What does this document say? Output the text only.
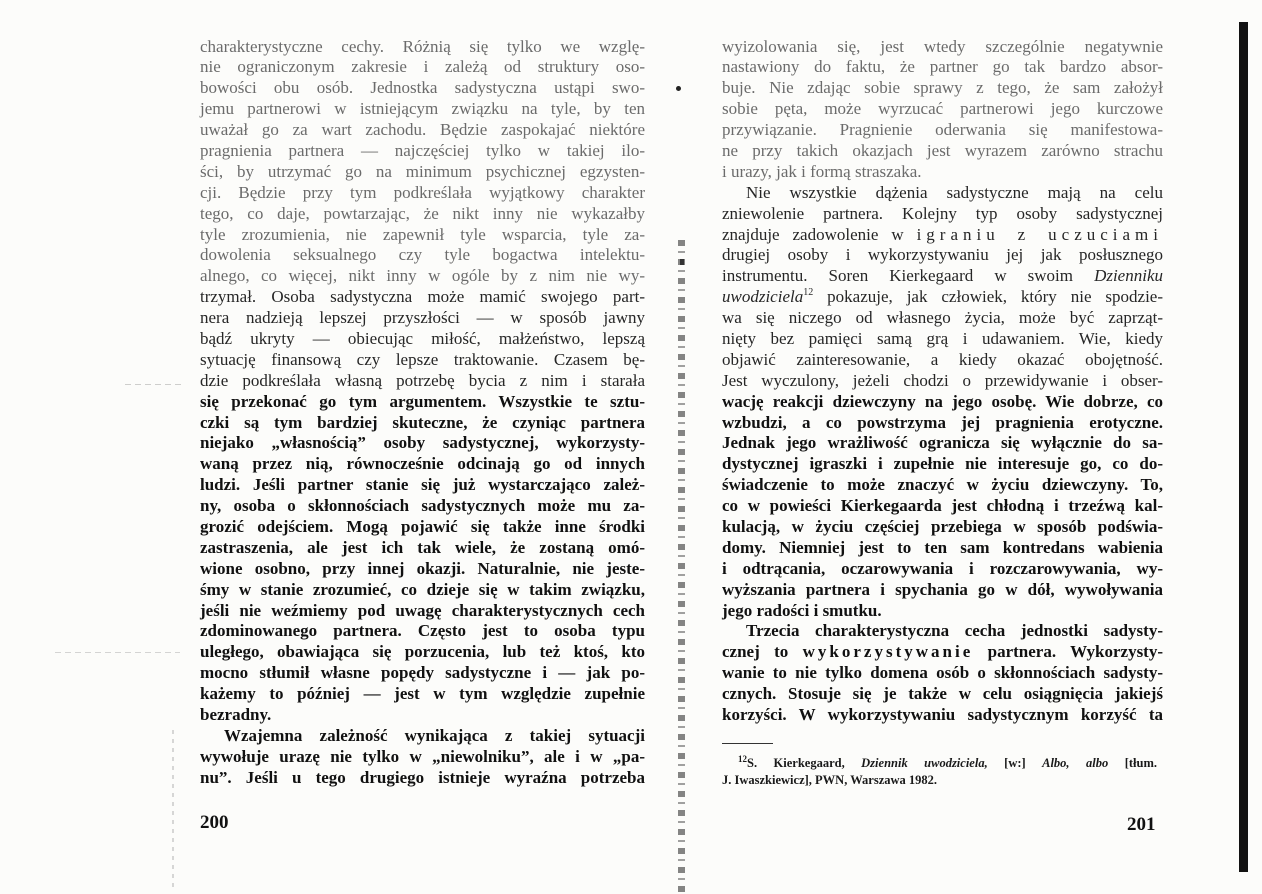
charakterystyczne cechy. Różnią się tylko we wzglę-
nie ograniczonym zakresie i zależą od struktury oso-
bowości obu osób. Jednostka sadystyczna ustąpi swo-
jemu partnerowi w istniejącym związku na tyle, by ten
uważał go za wart zachodu. Będzie zaspokajać niektóre
pragnienia partnera — najczęściej tylko w takiej ilo-
ści, by utrzymać go na minimum psychicznej egzysten-
cji. Będzie przy tym podkreślała wyjątkowy charakter
tego, co daje, powtarzając, że nikt inny nie wykazałby
tyle zrozumienia, nie zapewnił tyle wsparcia, tyle za-
dowolenia seksualnego czy tyle bogactwa intelektu-
alnego, co więcej, nikt inny w ogóle by z nim nie wy-
trzymał. Osoba sadystyczna może mamić swojego part-
nera nadzieją lepszej przyszłości — w sposób jawny
bądź ukryty — obiecując miłość, małżeństwo, lepszą
sytuację finansową czy lepsze traktowanie. Czasem bę-
dzie podkreślała własną potrzebę bycia z nim i starała
się przekonać go tym argumentem. Wszystkie te sztu-
czki są tym bardziej skuteczne, że czyniąc partnera
niejako „własnością” osoby sadystycznej, wykorzysty-
waną przez nią, równocześnie odcinają go od innych
ludzi. Jeśli partner stanie się już wystarczająco zależ-
ny, osoba o skłonnościach sadystycznych może mu za-
grozić odejściem. Mogą pojawić się także inne środki
zastraszenia, ale jest ich tak wiele, że zostaną omó-
wione osobno, przy innej okazji. Naturalnie, nie jeste-
śmy w stanie zrozumieć, co dzieje się w takim związku,
jeśli nie weźmiemy pod uwagę charakterystycznych cech
zdominowanego partnera. Często jest to osoba typu
uległego, obawiająca się porzucenia, lub też ktoś, kto
mocno stłumił własne popędy sadystyczne i — jak po-
każemy to później — jest w tym względzie zupełnie
bezradny.
Wzajemna zależność wynikająca z takiej sytuacji
wywołuje urazę nie tylko w „niewolniku”, ale i w „pa-
nu”. Jeśli u tego drugiego istnieje wyraźna potrzeba
200
wyizolowania się, jest wtedy szczególnie negatywnie
nastawiony do faktu, że partner go tak bardzo absor-
buje. Nie zdając sobie sprawy z tego, że sam założył
sobie pęta, może wyrzucać partnerowi jego kurczowe
przywiązanie. Pragnienie oderwania się manifestowa-
ne przy takich okazjach jest wyrazem zarówno strachu
i urazy, jak i formą straszaka.
Nie wszystkie dążenia sadystyczne mają na celu
zniewolenie partnera. Kolejny typ osoby sadystycznej
znajduje zadowolenie w igraniu z uczuciami
drugiej osoby i wykorzystywaniu jej jak posłusznego
instrumentu. Soren Kierkegaard w swoim Dzienniku
uwodziciela$^{12}$ pokazuje, jak człowiek, który nie spodzie-
wa się niczego od własnego życia, może być zaprząt-
nięty bez pamięci samą grą i udawaniem. Wie, kiedy
objawić zainteresowanie, a kiedy okazać obojętność.
Jest wyczulony, jeżeli chodzi o przewidywanie i obser-
wację reakcji dziewczyny na jego osobę. Wie dobrze, co
wzbudzi, a co powstrzyma jej pragnienia erotyczne.
Jednak jego wrażliwość ogranicza się wyłącznie do sa-
dystycznej igraszki i zupełnie nie interesuje go, co do-
świadczenie to może znaczyć w życiu dziewczyny. To,
co w powieści Kierkegaarda jest chłodną i trzeźwą kal-
kulacją, w życiu częściej przebiega w sposób podświa-
domy. Niemniej jest to ten sam kontredans wabienia
i odtrącania, oczarowywania i rozczarowywania, wy-
wyższania partnera i spychania go w dół, wywoływania
jego radości i smutku.
Trzecia charakterystyczna cecha jednostki sadysty-
cznej to wykorzystywanie partnera. Wykorzysty-
wanie to nie tylko domena osób o skłonnościach sadysty-
cznych. Stosuje się je także w celu osiągnięcia jakiejś
korzyści. W wykorzystywaniu sadystycznym korzyść ta
$^{12}$S. Kierkegaard, Dziennik uwodziciela, [w:] Albo, albo [tłum.
J. Iwaszkiewicz], PWN, Warszawa 1982.
201
